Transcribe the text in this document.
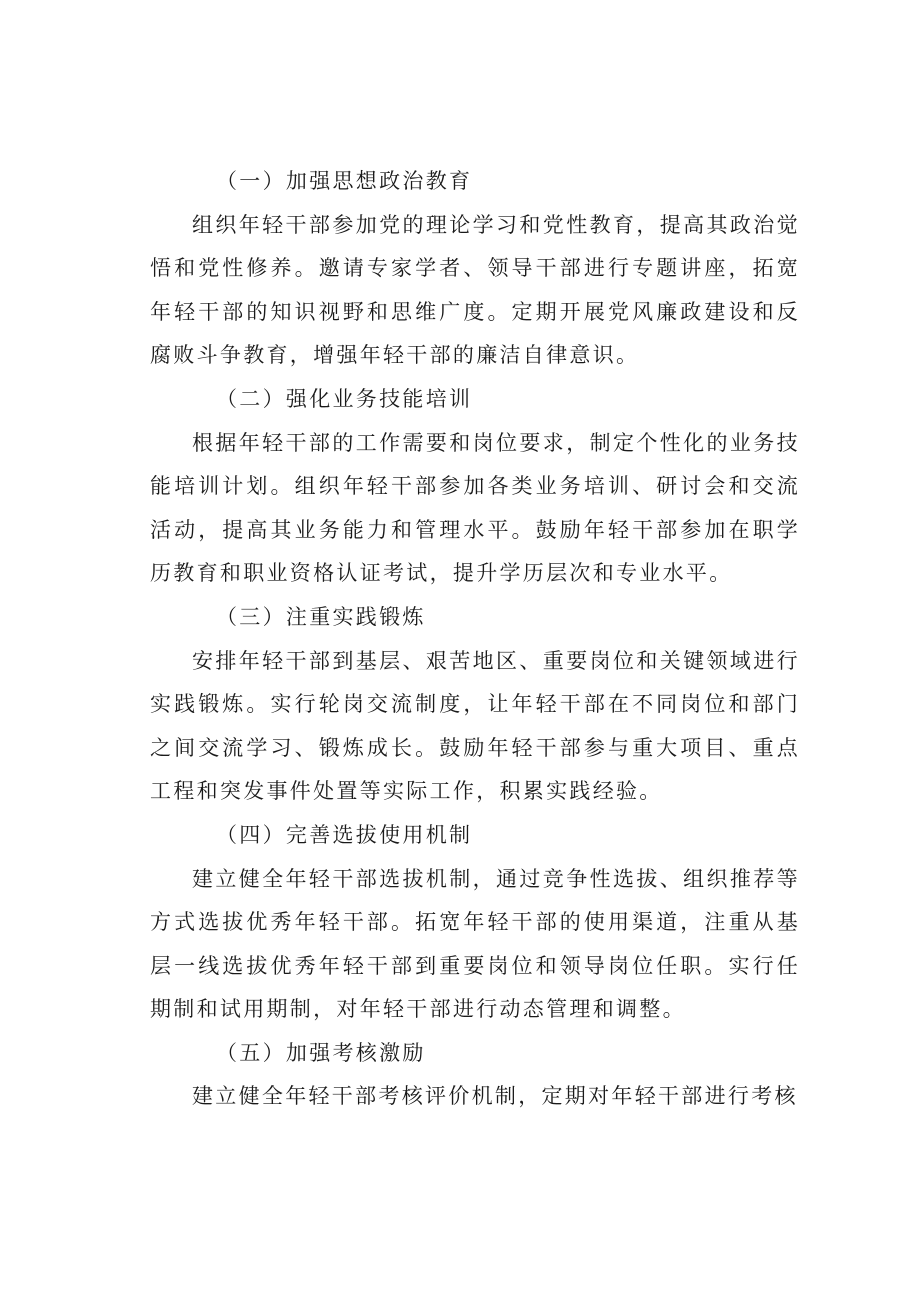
（一）加强思想政治教育

组织年轻干部参加党的理论学习和党性教育，提高其政治觉悟和党性修养。邀请专家学者、领导干部进行专题讲座，拓宽年轻干部的知识视野和思维广度。定期开展党风廉政建设和反腐败斗争教育，增强年轻干部的廉洁自律意识。

（二）强化业务技能培训

根据年轻干部的工作需要和岗位要求，制定个性化的业务技能培训计划。组织年轻干部参加各类业务培训、研讨会和交流活动，提高其业务能力和管理水平。鼓励年轻干部参加在职学历教育和职业资格认证考试，提升学历层次和专业水平。

（三）注重实践锻炼

安排年轻干部到基层、艰苦地区、重要岗位和关键领域进行实践锻炼。实行轮岗交流制度，让年轻干部在不同岗位和部门之间交流学习、锻炼成长。鼓励年轻干部参与重大项目、重点工程和突发事件处置等实际工作，积累实践经验。

（四）完善选拔使用机制

建立健全年轻干部选拔机制，通过竞争性选拔、组织推荐等方式选拔优秀年轻干部。拓宽年轻干部的使用渠道，注重从基层一线选拔优秀年轻干部到重要岗位和领导岗位任职。实行任期制和试用期制，对年轻干部进行动态管理和调整。

（五）加强考核激励

建立健全年轻干部考核评价机制，定期对年轻干部进行考核
